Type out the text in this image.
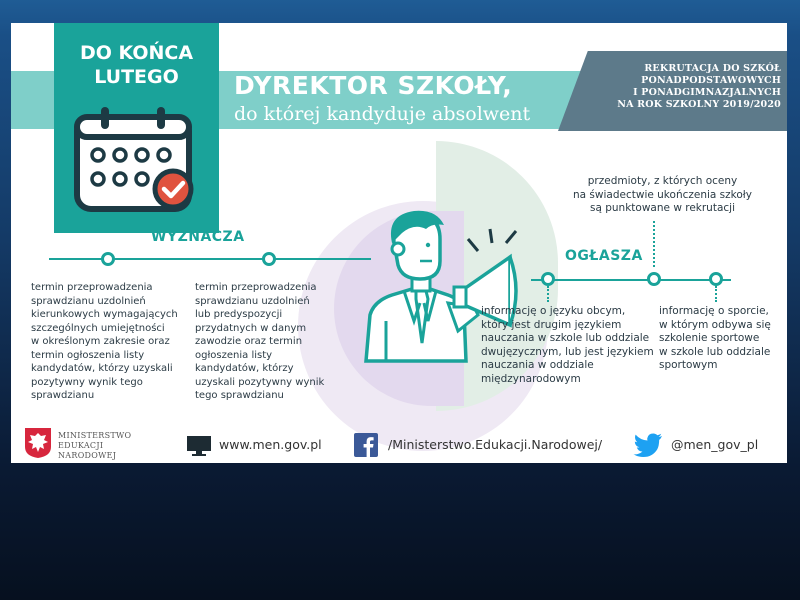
REKRUTACJA DO SZKÓŁ
PONADPODSTAWOWYCH
I PONADGIMNAZJALNYCH
NA ROK SZKOLNY 2019/2020
DO KOŃCA
LUTEGO	DYREKTOR SZKOŁY,
do której kandyduje absolwent
WYZNACZA
termin przeprowadzenia
sprawdzianu uzdolnień
kierunkowych wymagających
szczególnych umiejętności
w określonym zakresie oraz
termin ogłoszenia listy
kandydatów, którzy uzyskali
pozytywny wynik tego
sprawdzianu
termin przeprowadzenia
sprawdzianu uzdolnień
lub predyspozycji
przydatnych w danym
zawodzie oraz termin
ogłoszenia listy
kandydatów, którzy
uzyskali pozytywny wynik
tego sprawdzianu
przedmioty, z których oceny
na świadectwie ukończenia szkoły
są punktowane w rekrutacji
OGŁASZA
informację o języku obcym,
który jest drugim językiem
nauczania w szkole lub oddziale
dwujęzycznym, lub jest językiem
nauczania w oddziale
międzynarodowym
informację o sporcie,
w którym odbywa się
szkolenie sportowe
w szkole lub oddziale
sportowym
MINISTERSTWO
EDUKACJI
NARODOWEJ
www.men.gov.pl	/Ministerstwo.Edukacji.Narodowej/	@men_gov_pl
